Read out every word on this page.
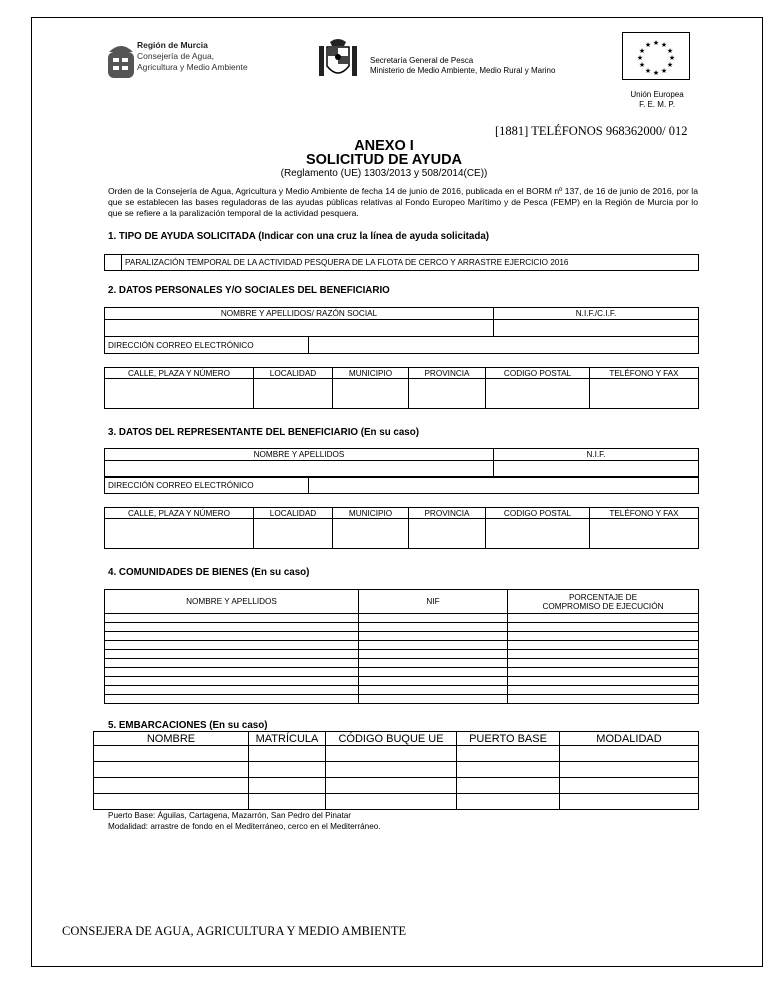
Región de Murcia
Consejería de Agua,
Agricultura y Medio Ambiente
Secretaría General de Pesca
Ministerio de Medio Ambiente, Medio Rural y Marino
★ ★
★
★
★
★
★
★
★
★
★
★
Unión Europea
F. E. M. P.
[1881] TELÉFONOS 968362000/ 012
ANEXO I
SOLICITUD DE AYUDA
(Reglamento (UE) 1303/2013 y 508/2014(CE))
Orden de la Consejería de Agua, Agricultura y Medio Ambiente de fecha 14 de junio de 2016, publicada en el BORM nº 137, de 16 de junio de 2016, por la que se establecen las bases reguladoras de las ayudas públicas relativas al Fondo Europeo Marítimo y de Pesca (FEMP) en la Región de Murcia por lo que se refiere a la paralización temporal de la actividad pesquera.
1. TIPO DE AYUDA SOLICITADA (Indicar con una cruz la línea de ayuda solicitada)
	PARALIZACIÓN TEMPORAL DE LA ACTIVIDAD PESQUERA DE LA FLOTA DE CERCO Y ARRASTRE EJERCICIO 2016
2. DATOS PERSONALES Y/O SOCIALES DEL BENEFICIARIO
NOMBRE Y APELLIDOS/ RAZÓN SOCIAL	N.I.F./C.I.F.

DIRECCIÓN CORREO ELECTRÓNICO	
CALLE, PLAZA Y NÚMERO	LOCALIDAD	MUNICIPIO	PROVINCIA	CODIGO POSTAL	TELÉFONO Y FAX

3. DATOS DEL REPRESENTANTE DEL BENEFICIARIO (En su caso)
NOMBRE Y APELLIDOS	N.I.F.

DIRECCIÓN CORREO ELECTRÓNICO	
CALLE, PLAZA Y NÚMERO	LOCALIDAD	MUNICIPIO	PROVINCIA	CODIGO POSTAL	TELÉFONO Y FAX

4. COMUNIDADES DE BIENES (En su caso)
NOMBRE Y APELLIDOS	NIF	PORCENTAJE DE
COMPROMISO DE EJECUCIÓN

5. EMBARCACIONES (En su caso)
NOMBRE	MATRÍCULA	CÓDIGO BUQUE UE	PUERTO BASE	MODALIDAD

Puerto Base: Águilas, Cartagena, Mazarrón, San Pedro del Pinatar
Modalidad: arrastre de fondo en el Mediterráneo, cerco en el Mediterráneo.
CONSEJERA DE AGUA, AGRICULTURA Y MEDIO AMBIENTE
